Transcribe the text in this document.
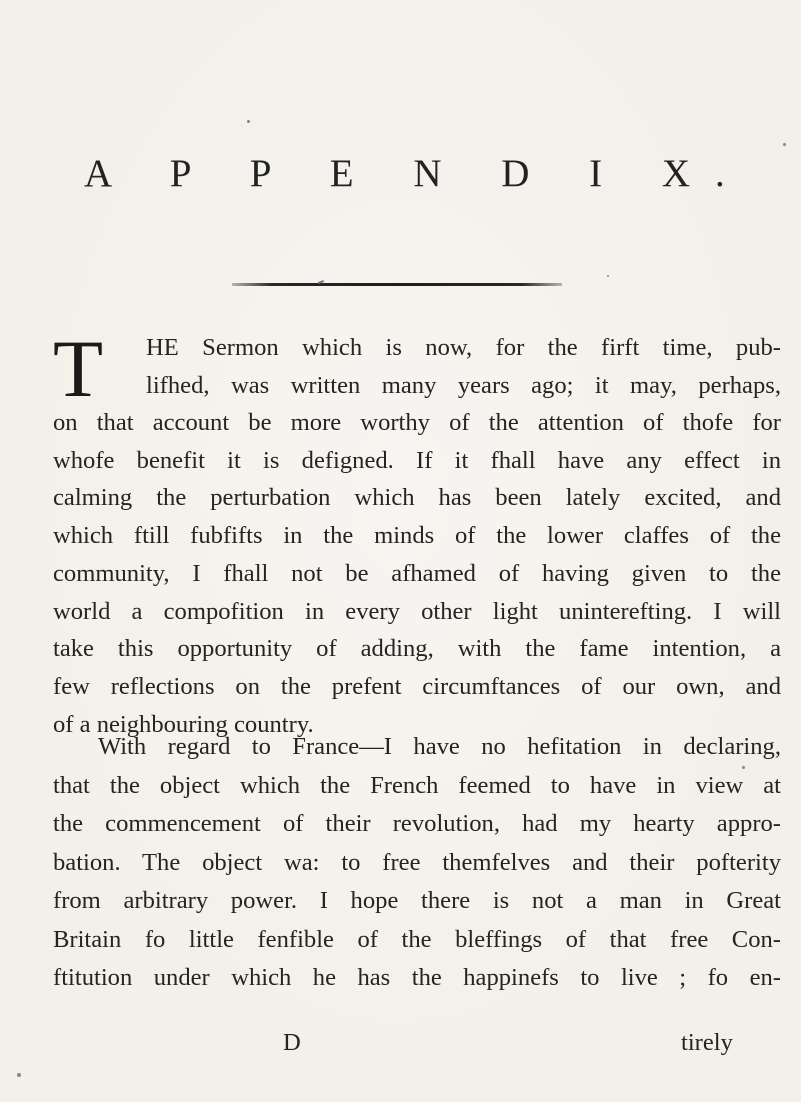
A P P E N D I X.
T HE Sermon which is now, for the firft time, pub-
lifhed, was written many years ago; it may, perhaps,
on that account be more worthy of the attention of thofe for
whofe benefit it is defigned. If it fhall have any effect in
calming the perturbation which has been lately excited, and
which ftill fubfifts in the minds of the lower claffes of the
community, I fhall not be afhamed of having given to the
world a compofition in every other light uninterefting. I will
take this opportunity of adding, with the fame intention, a
few reflections on the prefent circumftances of our own, and
of a neighbouring country.
With regard to France—I have no hefitation in declaring,
that the object which the French feemed to have in view at
the commencement of their revolution, had my hearty appro-
bation. The object wa: to free themfelves and their pofterity
from arbitrary power. I hope there is not a man in Great
Britain fo little fenfible of the bleffings of that free Con-
ftitution under which he has the happinefs to live ; fo en-
D	tirely
